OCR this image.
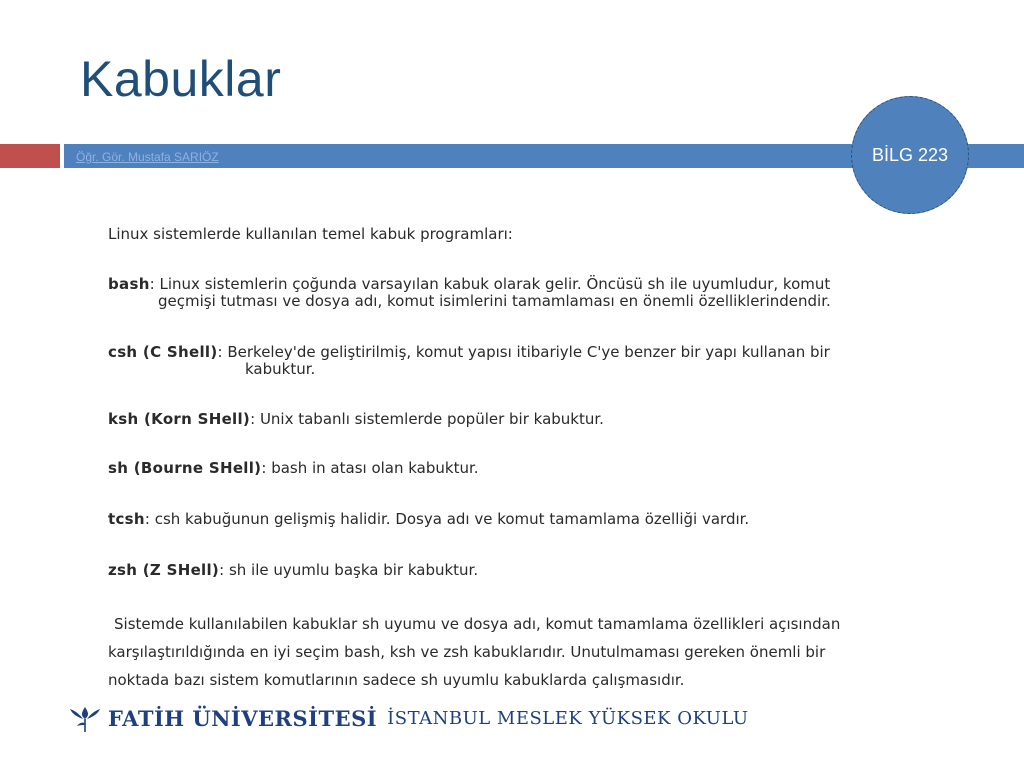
Kabuklar
Öğr. Gör. Mustafa SARIÖZ	BİLG 223
Linux sistemlerde kullanılan temel kabuk programları:
bash: Linux sistemlerin çoğunda varsayılan kabuk olarak gelir. Öncüsü sh ile uyumludur, komut
geçmişi tutması ve dosya adı, komut isimlerini tamamlaması en önemli özelliklerindendir.
csh (C Shell): Berkeley'de geliştirilmiş, komut yapısı itibariyle C'ye benzer bir yapı kullanan bir
kabuktur.
ksh (Korn SHell): Unix tabanlı sistemlerde popüler bir kabuktur.
sh (Bourne SHell): bash in atası olan kabuktur.
tcsh: csh kabuğunun gelişmiş halidir. Dosya adı ve komut tamamlama özelliği vardır.
zsh (Z SHell): sh ile uyumlu başka bir kabuktur.
Sistemde kullanılabilen kabuklar sh uyumu ve dosya adı, komut tamamlama özellikleri açısından
karşılaştırıldığında en iyi seçim bash, ksh ve zsh kabuklarıdır. Unutulmaması gereken önemli bir
noktada bazı sistem komutlarının sadece sh uyumlu kabuklarda çalışmasıdır.
FATİH ÜNİVERSİTESİ İSTANBUL MESLEK YÜKSEK OKULU
